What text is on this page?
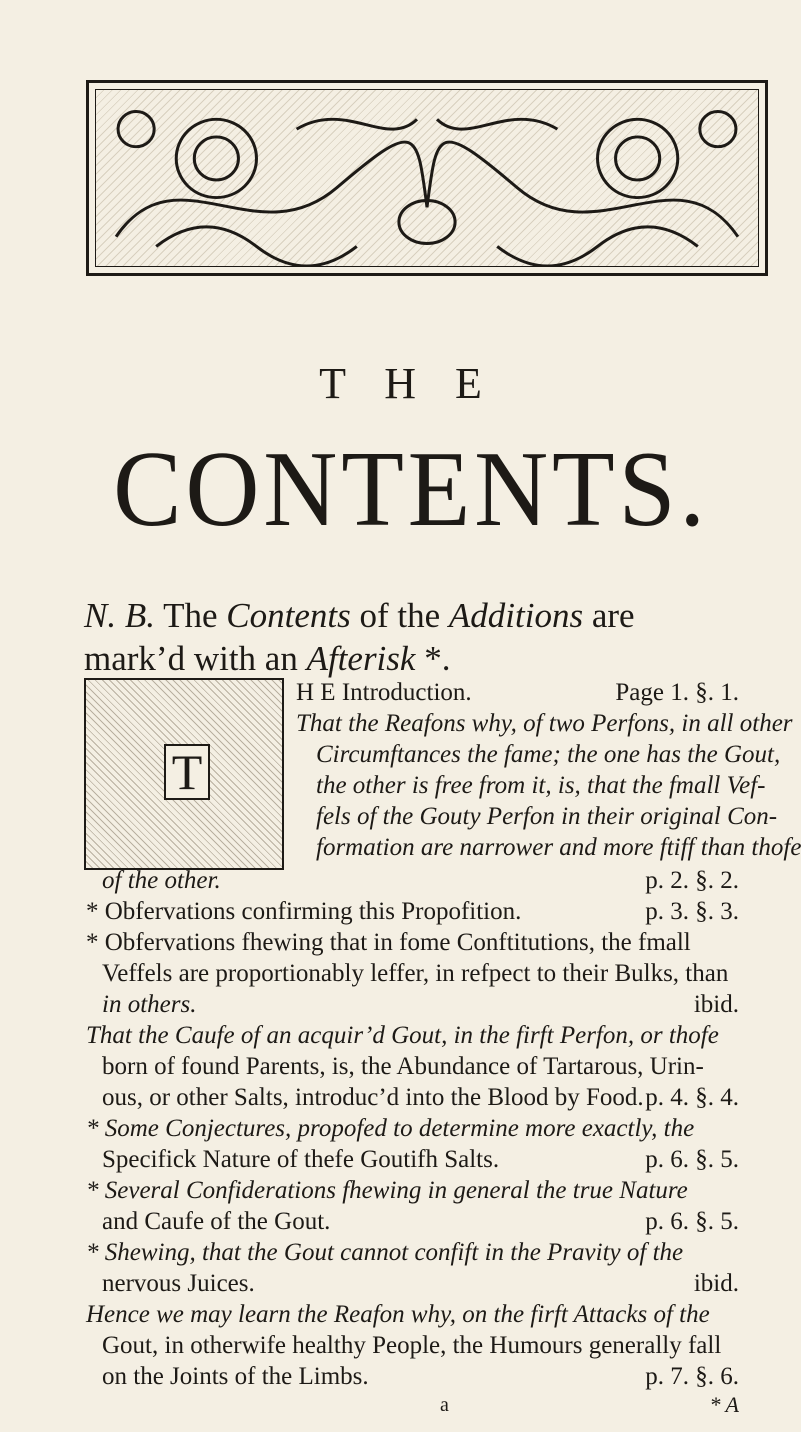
T H E
CONTENTS.
N. B. The Contents of the Additions are
mark’d with an Afterisk *.
T
H E Introduction.	Page 1. §. 1.
That the Reafons why, of two Perfons, in all other
Circumftances the fame; the one has the Gout,
the other is free from it, is, that the fmall Vef-
fels of the Gouty Perfon in their original Con-
formation are narrower and more ftiff than thofe
of the other.	p. 2. §. 2.
* Obfervations confirming this Propofition.	p. 3. §. 3.
* Obfervations fhewing that in fome Conftitutions, the fmall
Veffels are proportionably leffer, in refpect to their Bulks, than
in others.	ibid.
That the Caufe of an acquir’d Gout, in the firft Perfon, or thofe
born of found Parents, is, the Abundance of Tartarous, Urin-
ous, or other Salts, introduc’d into the Blood by Food. p. 4. §. 4.
* Some Conjectures, propofed to determine more exactly, the
Specifick Nature of thefe Goutifh Salts.	p. 6. §. 5.
* Several Confiderations fhewing in general the true Nature
and Caufe of the Gout.	p. 6. §. 5.
* Shewing, that the Gout cannot confift in the Pravity of the
nervous Juices.	ibid.
Hence we may learn the Reafon why, on the firft Attacks of the
Gout, in otherwife healthy People, the Humours generally fall
on the Joints of the Limbs.	p. 7. §. 6.
a	* A
